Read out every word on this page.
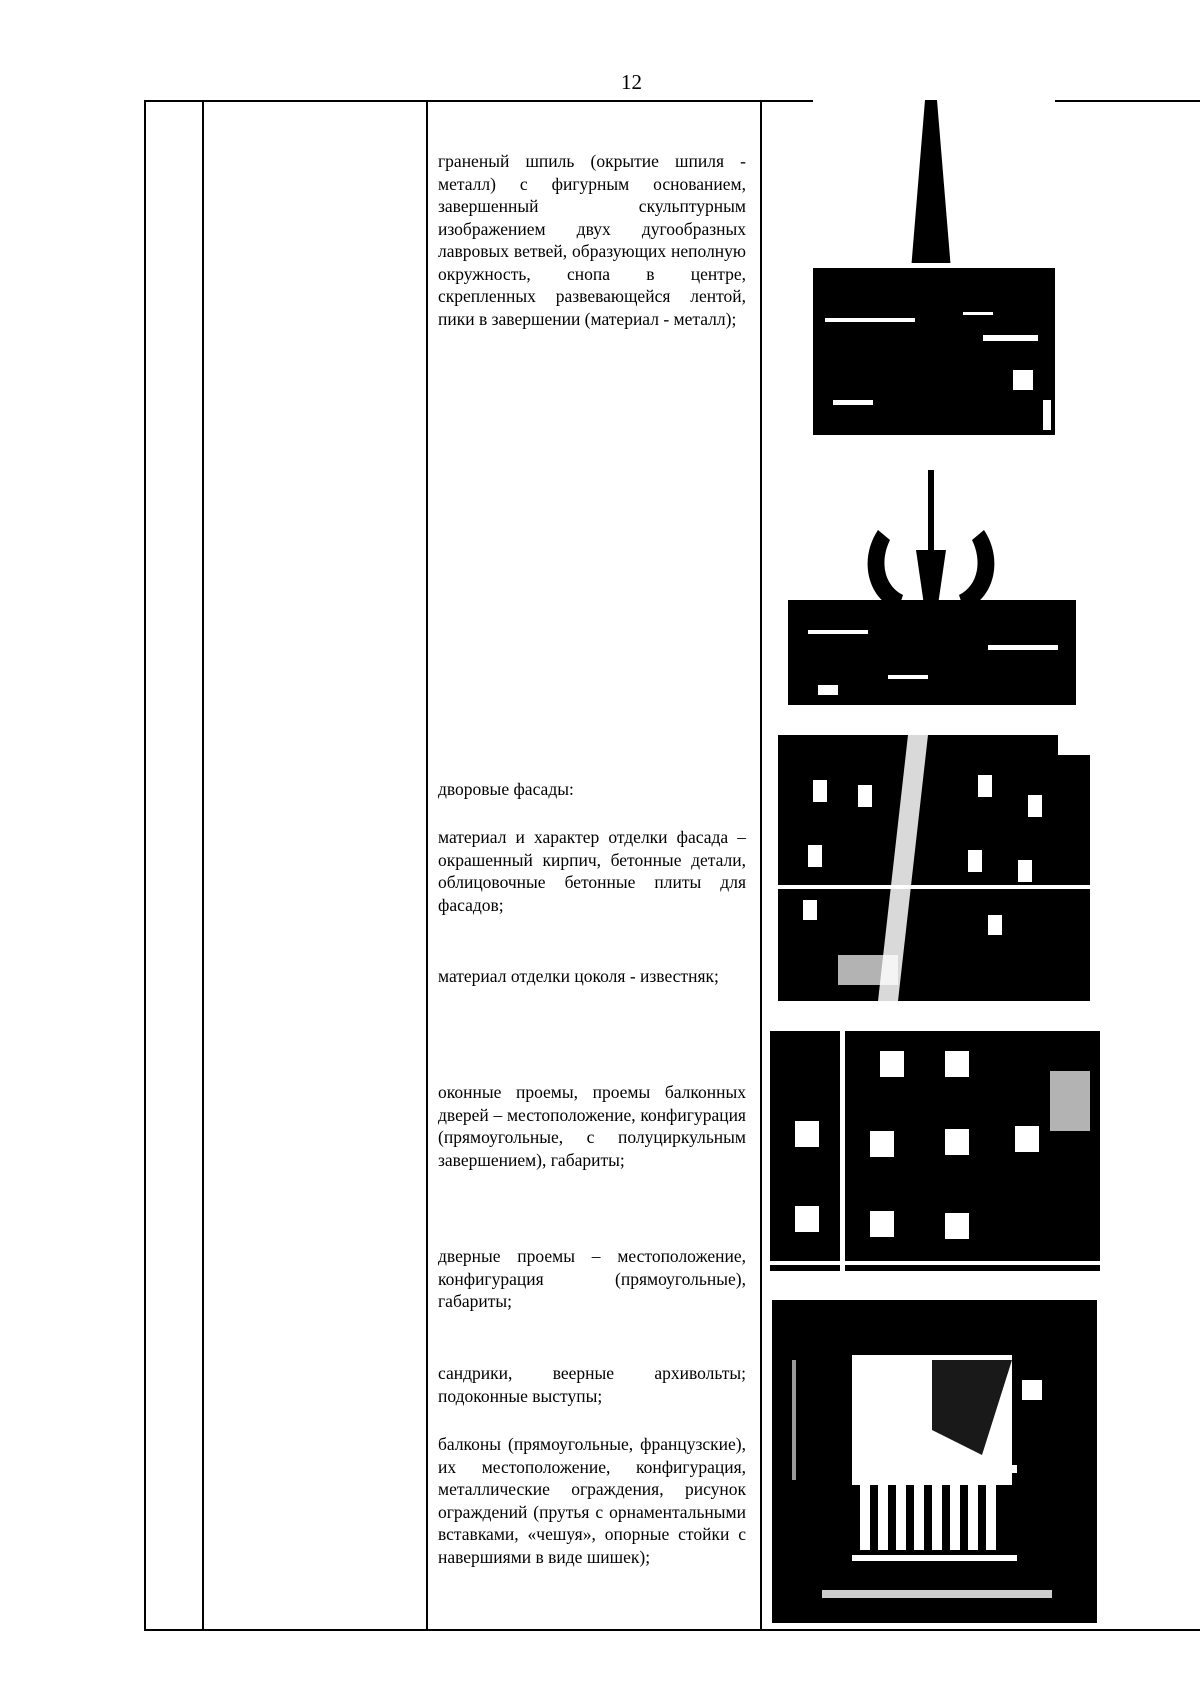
12
граненый шпиль (окрытие шпиля - металл) с фигурным основанием, завершенный скульптурным изображением двух дугообразных лавровых ветвей, образующих неполную окружность, снопа в центре, скрепленных развевающейся лентой, пики в завершении (материал - металл);
дворовые фасады:
материал и характер отделки фасада – окрашенный кирпич, бетонные детали, облицовочные бетонные плиты для фасадов;
материал отделки цоколя - известняк;
оконные проемы, проемы балконных дверей – местоположение, конфигурация (прямоугольные, с полуциркульным завершением), габариты;
дверные проемы – местоположение, конфигурация (прямоугольные), габариты;
сандрики, веерные архивольты; подоконные выступы;
балконы (прямоугольные, французские), их местоположение, конфигурация, металлические ограждения, рисунок ограждений (прутья с орнаментальными вставками, «чешуя», опорные стойки с навершиями в виде шишек);
